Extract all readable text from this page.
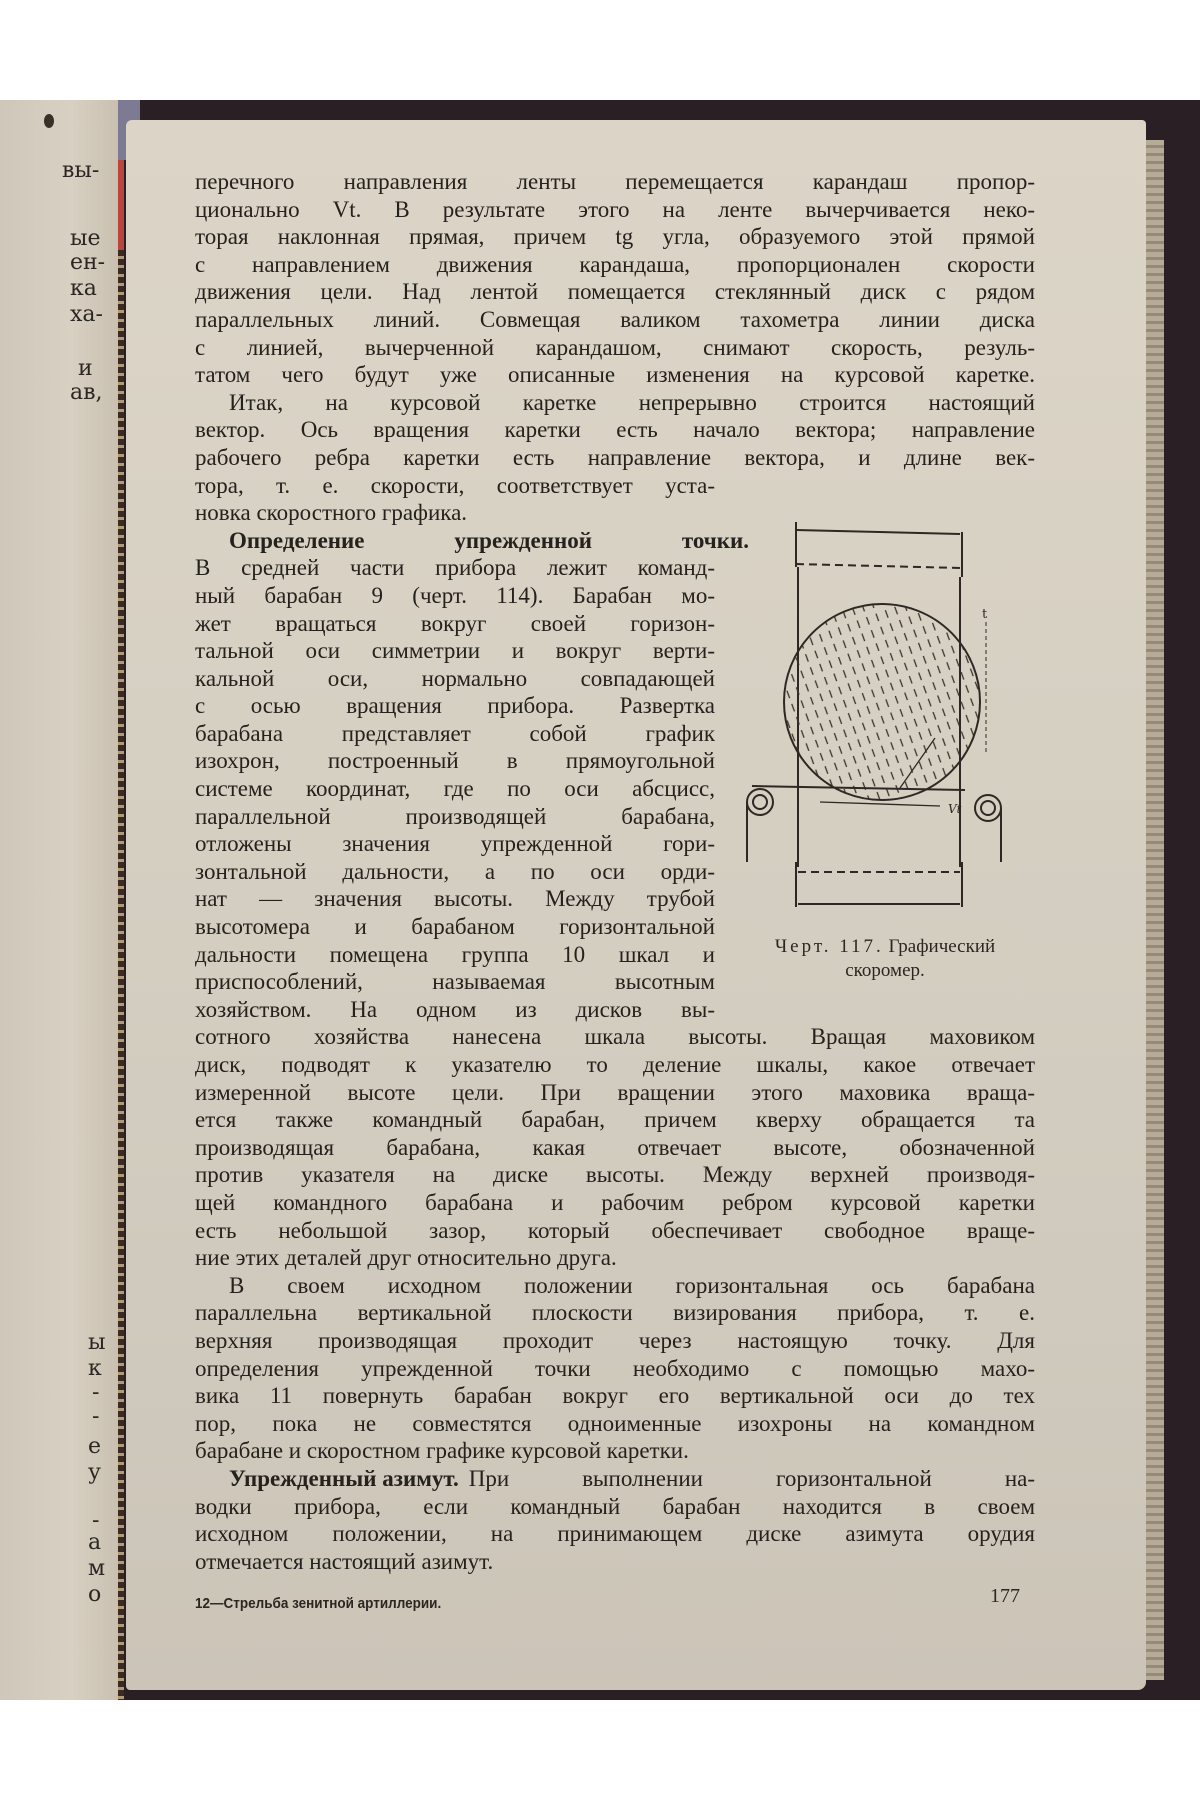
вы-
ые
ен-
ка
ха-
и
ав,
ы
к
-
-
е
у
-
а
м
о
перечного направления ленты перемещается карандаш пропор-
ционально Vt. В результате этого на ленте вычерчивается неко-
торая наклонная прямая, причем tg угла, образуемого этой прямой
с направлением движения карандаша, пропорционален скорости
движения цели. Над лентой помещается стеклянный диск с рядом
параллельных линий. Совмещая валиком тахометра линии диска
с линией, вычерченной карандашом, снимают скорость, резуль-
татом чего будут уже описанные изменения на курсовой каретке.
Итак, на курсовой каретке непрерывно строится настоящий
вектор. Ось вращения каретки есть начало вектора; направление
рабочего ребра каретки есть направление вектора, и длине век-
тора, т. е. скорости, соответствует уста-
новка скоростного графика.
Определение упрежденной точки.
В средней части прибора лежит команд-
ный барабан 9 (черт. 114). Барабан мо-
жет вращаться вокруг своей горизон-
тальной оси симметрии и вокруг верти-
кальной оси, нормально совпадающей
с осью вращения прибора. Развертка
барабана представляет собой график
изохрон, построенный в прямоугольной
системе координат, где по оси абсцисс,
параллельной производящей барабана,
отложены значения упрежденной гори-
зонтальной дальности, а по оси орди-
нат — значения высоты. Между трубой
высотомера и барабаном горизонтальной
дальности помещена группа 10 шкал и
приспособлений, называемая высотным
хозяйством. На одном из дисков вы-
сотного хозяйства нанесена шкала высоты. Вращая маховиком
диск, подводят к указателю то деление шкалы, какое отвечает
измеренной высоте цели. При вращении этого маховика враща-
ется также командный барабан, причем кверху обращается та
производящая барабана, какая отвечает высоте, обозначенной
против указателя на диске высоты. Между верхней производя-
щей командного барабана и рабочим ребром курсовой каретки
есть небольшой зазор, который обеспечивает свободное враще-
ние этих деталей друг относительно друга.
В своем исходном положении горизонтальная ось барабана
параллельна вертикальной плоскости визирования прибора, т. е.
верхняя производящая проходит через настоящую точку. Для
определения упрежденной точки необходимо с помощью махо-
вика 11 повернуть барабан вокруг его вертикальной оси до тех
пор, пока не совместятся одноименные изохроны на командном
барабане и скоростном графике курсовой каретки.
Упрежденный азимут. При выполнении горизонтальной на-
водки прибора, если командный барабан находится в своем
исходном положении, на принимающем диске азимута орудия
отмечается настоящий азимут.
t
Vt
Черт. 117. Графический
скоромер.
12—Стрельба зенитной артиллерии.	177
